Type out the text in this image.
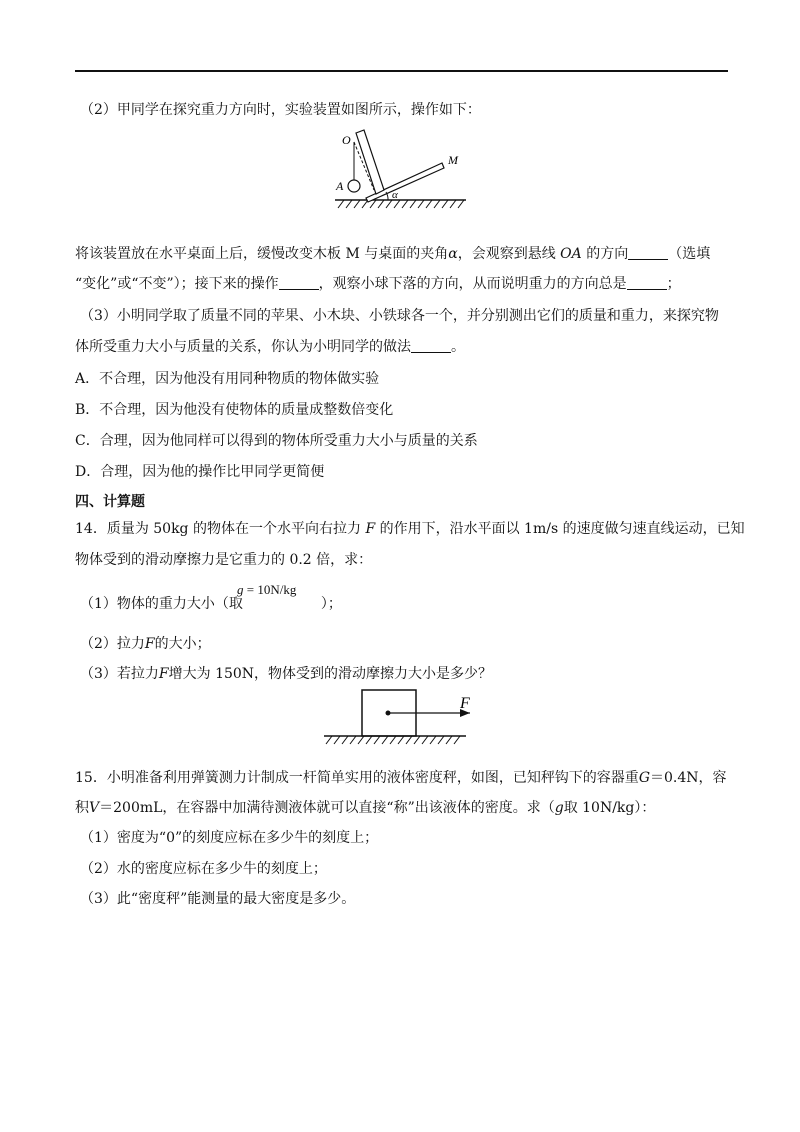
（2）甲同学在探究重力方向时，实验装置如图所示，操作如下：
O
A
M
α
将该装置放在水平桌面上后，缓慢改变木板 M 与桌面的夹角α，会观察到悬线 OA 的方向	（选填
“变化”或“不变”）；接下来的操作	，观察小球下落的方向，从而说明重力的方向总是	；
（3）小明同学取了质量不同的苹果、小木块、小铁球各一个，并分别测出它们的质量和重力，来探究物
体所受重力大小与质量的关系，你认为小明同学的做法	。
A．不合理，因为他没有用同种物质的物体做实验
B．不合理，因为他没有使物体的质量成整数倍变化
C．合理，因为他同样可以得到的物体所受重力大小与质量的关系
D．合理，因为他的操作比甲同学更简便
四、计算题
14．质量为 50kg 的物体在一个水平向右拉力 F 的作用下，沿水平面以 1m/s 的速度做匀速直线运动，已知
物体受到的滑动摩擦力是它重力的 0.2 倍，求：
（1）物体的重力大小（取	）；
g = 10N/kg
（2）拉力F的大小；
（3）若拉力F增大为 150N，物体受到的滑动摩擦力大小是多少？
F
15．小明准备利用弹簧测力计制成一杆简单实用的液体密度秤，如图，已知秤钩下的容器重G＝0.4N，容
积V＝200mL，在容器中加满待测液体就可以直接“称”出该液体的密度。求（g取 10N/kg）：
（1）密度为“0”的刻度应标在多少牛的刻度上；
（2）水的密度应标在多少牛的刻度上；
（3）此“密度秤”能测量的最大密度是多少。
